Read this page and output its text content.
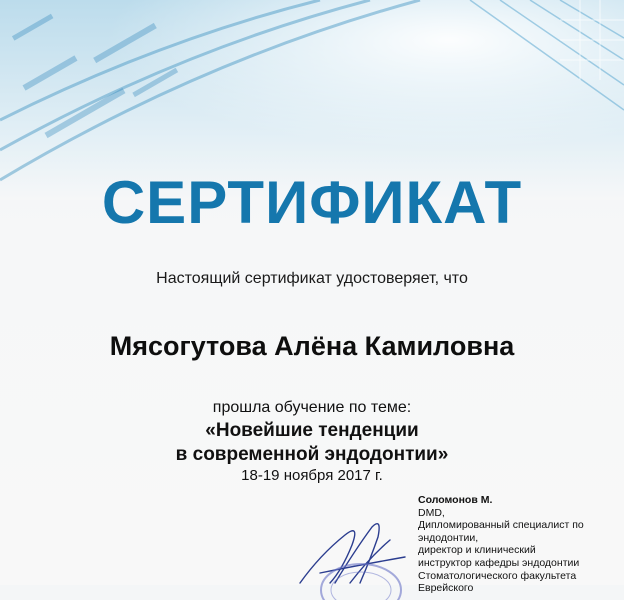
СЕРТИФИКАТ
Настоящий сертификат удостоверяет, что
Мясогутова Алёна Камиловна
прошла обучение по теме:
«Новейшие тенденции
в современной эндодонтии»
18-19 ноября 2017 г.
Соломонов М.
DMD,
Дипломированный специалист по
эндодонтии,
директор и клинический
инструктор кафедры эндодонтии
Стоматологического факультета
Еврейского
